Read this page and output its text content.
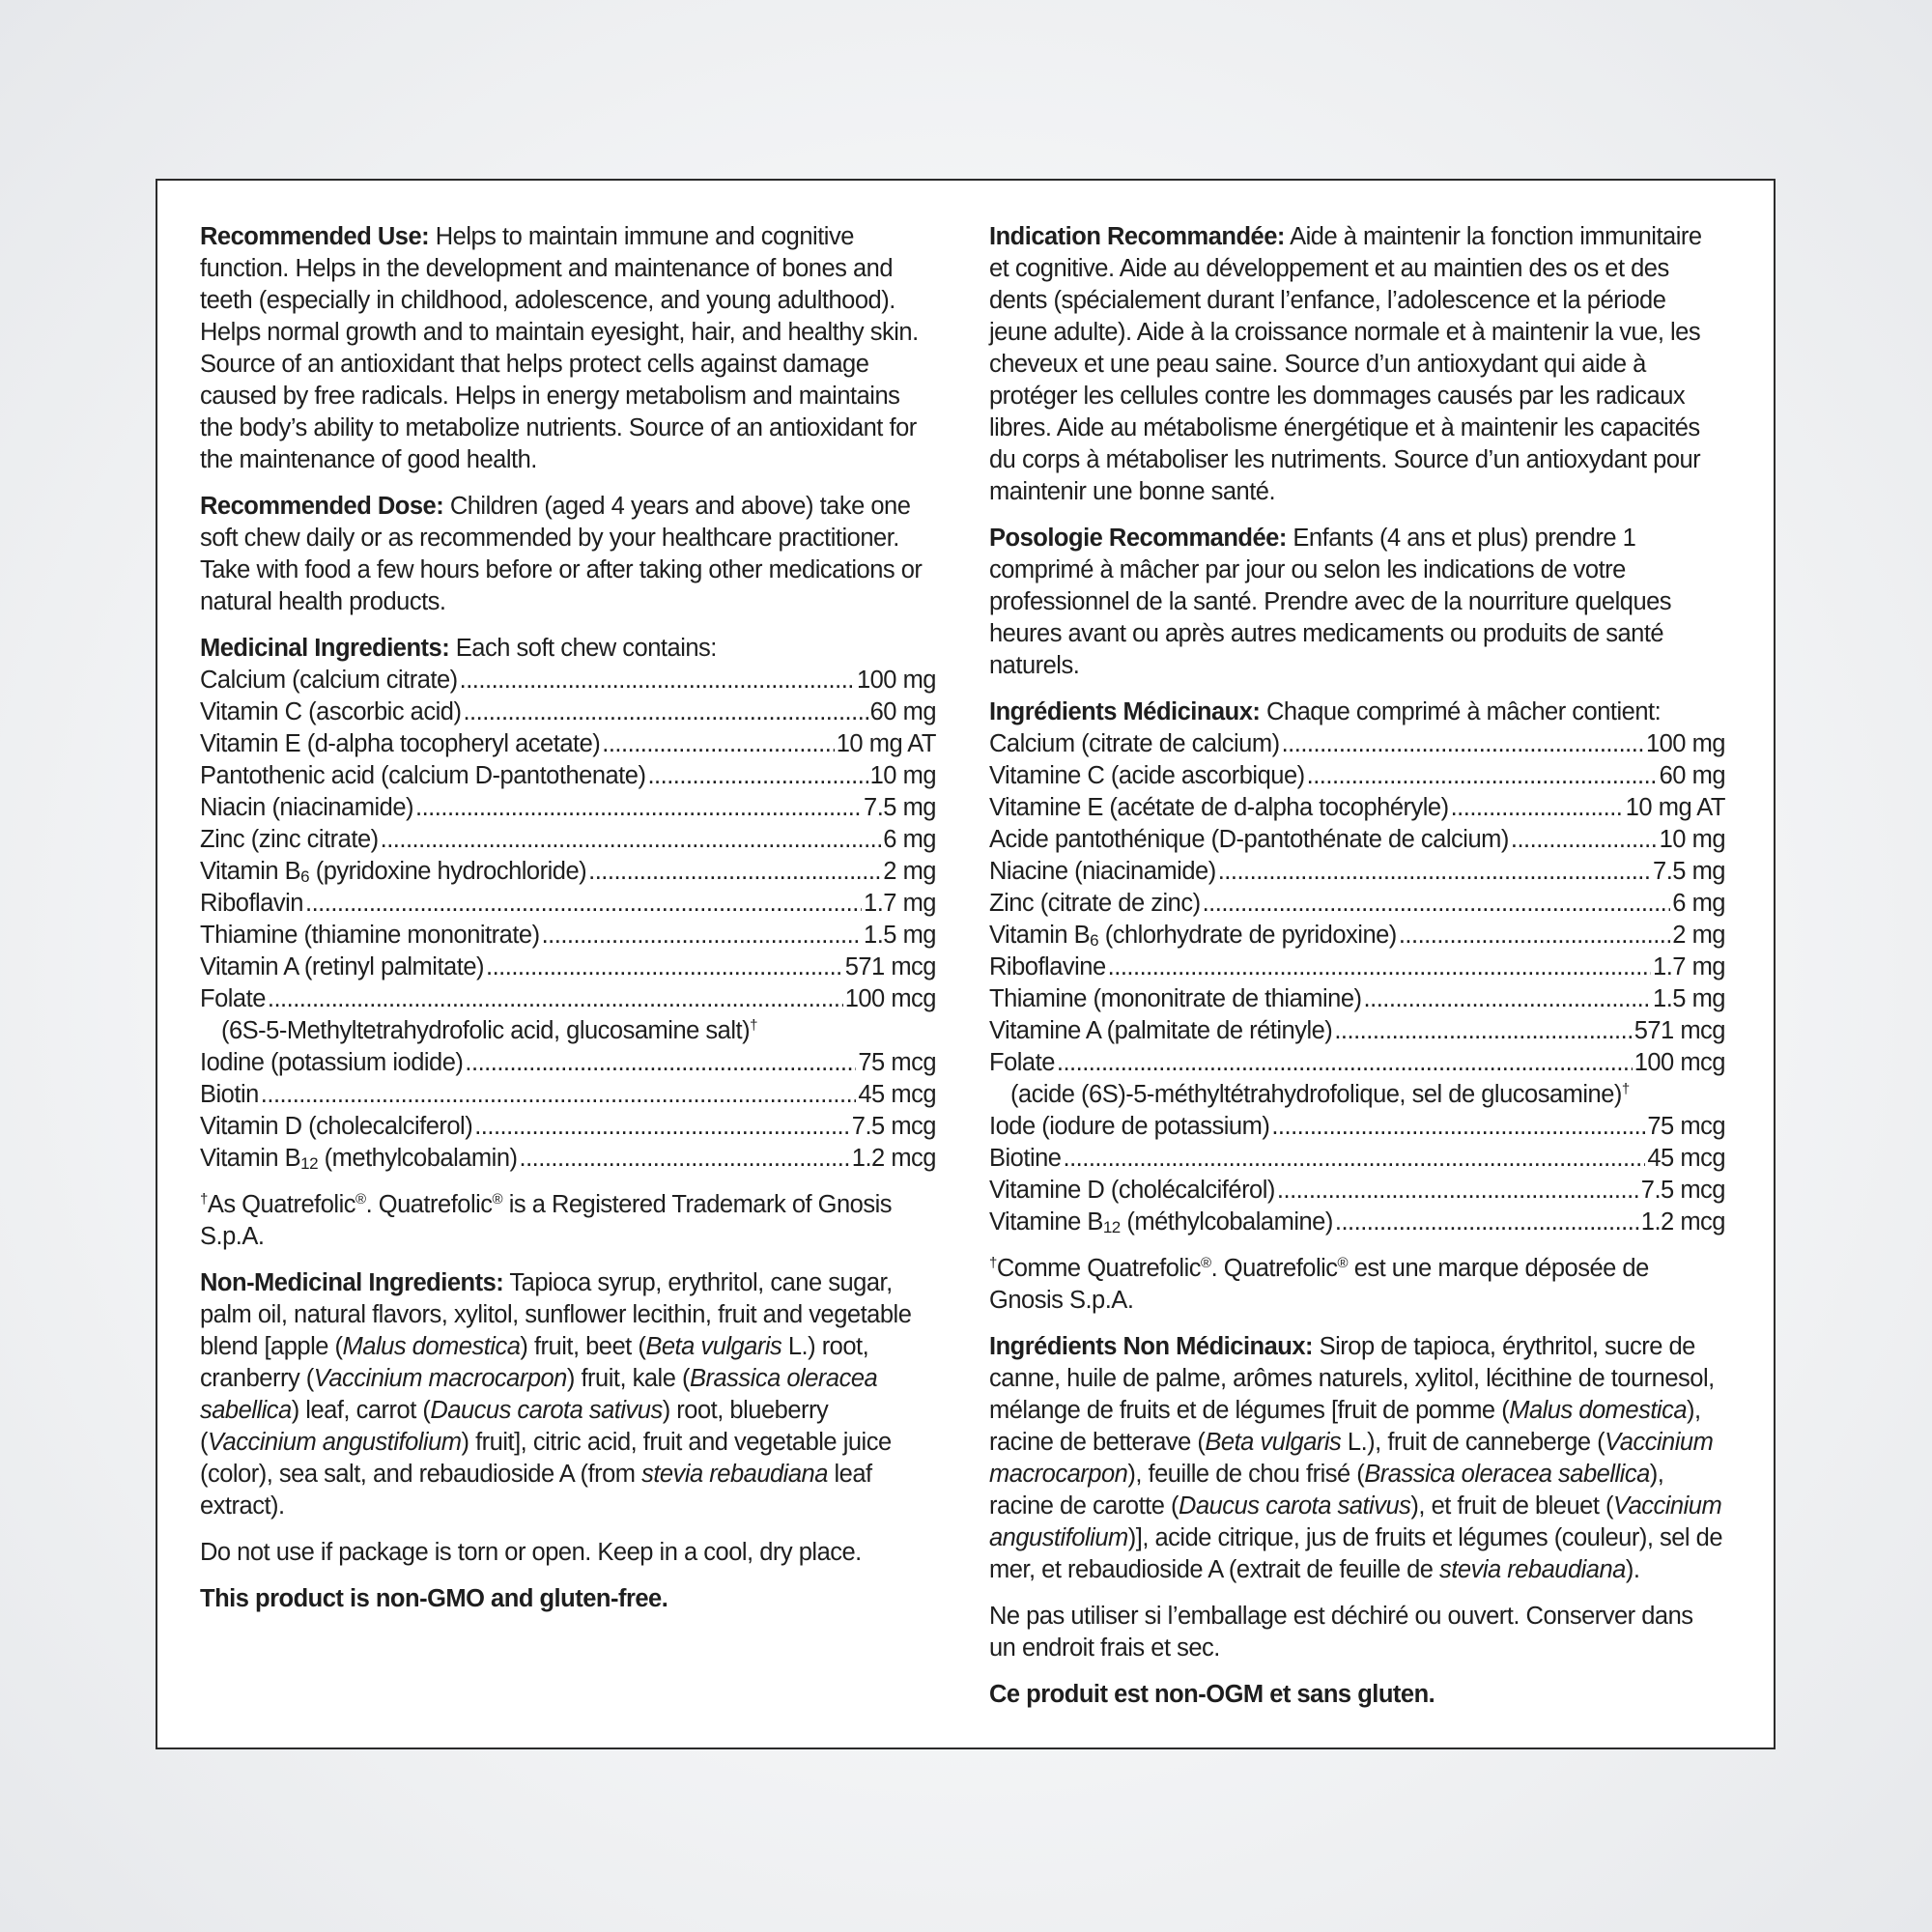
Recommended Use: Helps to maintain immune and cognitive function. Helps in the development and maintenance of bones and teeth (especially in childhood, adolescence, and young adulthood). Helps normal growth and to maintain eyesight, hair, and healthy skin. Source of an antioxidant that helps protect cells against damage caused by free radicals. Helps in energy metabolism and maintains the body’s ability to metabolize nutrients. Source of an antioxidant for the maintenance of good health.

Recommended Dose: Children (aged 4 years and above) take one soft chew daily or as recommended by your healthcare practitioner. Take with food a few hours before or after taking other medications or natural health products.

Medicinal Ingredients: Each soft chew contains:

Calcium (calcium citrate) .....	100 mg
Vitamin C (ascorbic acid) .....	60 mg
Vitamin E (d-alpha tocopheryl acetate) .....	10 mg AT
Pantothenic acid (calcium D-pantothenate) .....	10 mg
Niacin (niacinamide) .....	7.5 mg
Zinc (zinc citrate) .....	6 mg
Vitamin $B_6$ (pyridoxine hydrochloride) .....	2 mg
Riboflavin .....	1.7 mg
Thiamine (thiamine mononitrate) .....	1.5 mg
Vitamin A (retinyl palmitate) .....	571 mcg
Folate .....	100 mcg
(6S-5-Methyltetrahydrofolic acid, glucosamine salt)†
Iodine (potassium iodide) .....	75 mcg
Biotin .....	45 mcg
Vitamin D (cholecalciferol) .....	7.5 mcg
Vitamin $B_{12}$ (methylcobalamin) .....	1.2 mcg

†As Quatrefolic®. Quatrefolic® is a Registered Trademark of Gnosis S.p.A.

Non-Medicinal Ingredients: Tapioca syrup, erythritol, cane sugar, palm oil, natural flavors, xylitol, sunflower lecithin, fruit and vegetable blend [apple (Malus domestica) fruit, beet (Beta vulgaris L.) root, cranberry (Vaccinium macrocarpon) fruit, kale (Brassica oleracea sabellica) leaf, carrot (Daucus carota sativus) root, blueberry (Vaccinium angustifolium) fruit], citric acid, fruit and vegetable juice (color), sea salt, and rebaudioside A (from stevia rebaudiana leaf extract).

Do not use if package is torn or open. Keep in a cool, dry place.

This product is non-GMO and gluten-free.

Indication Recommandée: Aide à maintenir la fonction immunitaire et cognitive. Aide au développement et au maintien des os et des dents (spécialement durant l’enfance, l’adolescence et la période jeune adulte). Aide à la croissance normale et à maintenir la vue, les cheveux et une peau saine. Source d’un antioxydant qui aide à protéger les cellules contre les dommages causés par les radicaux libres. Aide au métabolisme énergétique et à maintenir les capacités du corps à métaboliser les nutriments. Source d’un antioxydant pour maintenir une bonne santé.

Posologie Recommandée: Enfants (4 ans et plus) prendre 1 comprimé à mâcher par jour ou selon les indications de votre professionnel de la santé. Prendre avec de la nourriture quelques heures avant ou après autres medicaments ou produits de santé naturels.

Ingrédients Médicinaux: Chaque comprimé à mâcher contient:

Calcium (citrate de calcium) .....	100 mg
Vitamine C (acide ascorbique) .....	60 mg
Vitamine E (acétate de d-alpha tocophéryle) .....	10 mg AT
Acide pantothénique (D-pantothénate de calcium) .....	10 mg
Niacine (niacinamide) .....	7.5 mg
Zinc (citrate de zinc) .....	6 mg
Vitamin $B_6$ (chlorhydrate de pyridoxine) .....	2 mg
Riboflavine .....	1.7 mg
Thiamine (mononitrate de thiamine) .....	1.5 mg
Vitamine A (palmitate de rétinyle) .....	571 mcg
Folate .....	100 mcg
(acide (6S)-5-méthyltétrahydrofolique, sel de glucosamine)†
Iode (iodure de potassium) .....	75 mcg
Biotine .....	45 mcg
Vitamine D (cholécalciférol) .....	7.5 mcg
Vitamine $B_{12}$ (méthylcobalamine) .....	1.2 mcg

†Comme Quatrefolic®. Quatrefolic® est une marque déposée de Gnosis S.p.A.

Ingrédients Non Médicinaux: Sirop de tapioca, érythritol, sucre de canne, huile de palme, arômes naturels, xylitol, lécithine de tournesol, mélange de fruits et de légumes [fruit de pomme (Malus domestica), racine de betterave (Beta vulgaris L.), fruit de canneberge (Vaccinium macrocarpon), feuille de chou frisé (Brassica oleracea sabellica), racine de carotte (Daucus carota sativus), et fruit de bleuet (Vaccinium angustifolium)], acide citrique, jus de fruits et légumes (couleur), sel de mer, et rebaudioside A (extrait de feuille de stevia rebaudiana).

Ne pas utiliser si l’emballage est déchiré ou ouvert. Conserver dans un endroit frais et sec.

Ce produit est non-OGM et sans gluten.
